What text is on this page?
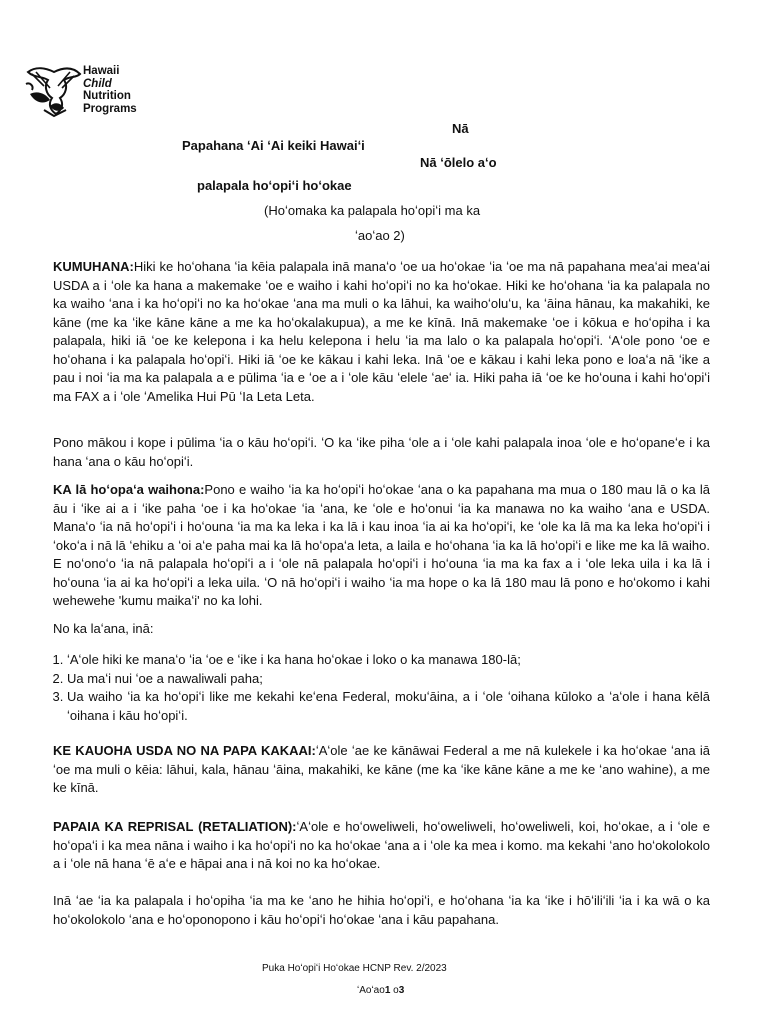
Hawaii
Child
Nutrition
Programs
Nā
Papahana ʻAi ʻAi keiki Hawaiʻi
Nā ʻōlelo aʻo
palapala hoʻopiʻi hoʻokae
(Hoʻomaka ka palapala hoʻopiʻi ma ka
ʻaoʻao 2)

KUMUHANA:Hiki ke hoʻohana ʻia kēia palapala inā manaʻo ʻoe ua hoʻokae ʻia ʻoe ma nā papahana meaʻai meaʻai USDA a i ʻole ka hana a makemake ʻoe e waiho i kahi hoʻopiʻi no ka hoʻokae. Hiki ke hoʻohana ʻia ka palapala no ka waiho ʻana i ka hoʻopiʻi no ka hoʻokae ʻana ma muli o ka lāhui, ka waihoʻoluʻu, ka ʻāina hānau, ka makahiki, ke kāne (me ka ʻike kāne kāne a me ka hoʻokalakupua), a me ke kīnā. Inā makemake ʻoe i kōkua e hoʻopiha i ka palapala, hiki iā ʻoe ke kelepona i ka helu kelepona i helu ʻia ma lalo o ka palapala hoʻopiʻi. ʻAʻole pono ʻoe e hoʻohana i ka palapala hoʻopiʻi. Hiki iā ʻoe ke kākau i kahi leka. Inā ʻoe e kākau i kahi leka pono e loaʻa nā ʻike a pau i noi ʻia ma ka palapala a e pūlima ʻia e ʻoe a i ʻole kāu ʻelele ʻaeʻ ia. Hiki paha iā ʻoe ke hoʻouna i kahi hoʻopiʻi ma FAX a i ʻole ʻAmelika Hui Pū ʻIa Leta Leta.

Pono mākou i kope i pūlima ʻia o kāu hoʻopiʻi. ʻO ka ʻike piha ʻole a i ʻole kahi palapala inoa ʻole e hoʻopaneʻe i ka hana ʻana o kāu hoʻopiʻi.

KA lā hoʻopaʻa waihona:Pono e waiho ʻia ka hoʻopiʻi hoʻokae ʻana o ka papahana ma mua o 180 mau lā o ka lā āu i ʻike ai a i ʻike paha ʻoe i ka hoʻokae ʻia ʻana, ke ʻole e hoʻonui ʻia ka manawa no ka waiho ʻana e USDA. Manaʻo ʻia nā hoʻopiʻi i hoʻouna ʻia ma ka leka i ka lā i kau inoa ʻia ai ka hoʻopiʻi, ke ʻole ka lā ma ka leka hoʻopiʻi i ʻokoʻa i nā lā ʻehiku a ʻoi aʻe paha mai ka lā hoʻopaʻa leta, a laila e hoʻohana ʻia ka lā hoʻopiʻi e like me ka lā waiho. E noʻonoʻo ʻia nā palapala hoʻopiʻi a i ʻole nā palapala hoʻopiʻi i hoʻouna ʻia ma ka fax a i ʻole leka uila i ka lā i hoʻouna ʻia ai ka hoʻopiʻi a leka uila. ʻO nā hoʻopiʻi i waiho ʻia ma hope o ka lā 180 mau lā pono e hoʻokomo i kahi wehewehe 'kumu maikaʻi' no ka lohi.

No ka laʻana, inā:

1. ʻAʻole hiki ke manaʻo ʻia ʻoe e ʻike i ka hana hoʻokae i loko o ka manawa 180-lā;
2. Ua maʻi nui ʻoe a nawaliwali paha;
3. Ua waiho ʻia ka hoʻopiʻi like me kekahi keʻena Federal, mokuʻāina, a i ʻole ʻoihana kūloko a ʻaʻole i hana kēlā ʻoihana i kāu hoʻopiʻi.

KE KAUOHA USDA NO NA PAPA KAKAAI:ʻAʻole ʻae ke kānāwai Federal a me nā kulekele i ka hoʻokae ʻana iā ʻoe ma muli o kēia: lāhui, kala, hānau ʻāina, makahiki, ke kāne (me ka ʻike kāne kāne a me ke ʻano wahine), a me ke kīnā.

PAPAIA KA REPRISAL (RETALIATION):ʻAʻole e hoʻoweliweli, hoʻoweliweli, hoʻoweliweli, koi, hoʻokae, a i ʻole e hoʻopaʻi i ka mea nāna i waiho i ka hoʻopiʻi no ka hoʻokae ʻana a i ʻole ka mea i komo. ma kekahi ʻano hoʻokolokolo a i ʻole nā hana ʻē aʻe e hāpai ana i nā koi no ka hoʻokae.

Inā ʻae ʻia ka palapala i hoʻopiha ʻia ma ke ʻano he hihia hoʻopiʻi, e hoʻohana ʻia ka ʻike i hōʻiliʻili ʻia i ka wā o ka hoʻokolokolo ʻana e hoʻoponopono i kāu hoʻopiʻi hoʻokae ʻana i kāu papahana.

Puka Hoʻopiʻi Hoʻokae HCNP Rev. 2/2023
ʻAoʻao1 o3
